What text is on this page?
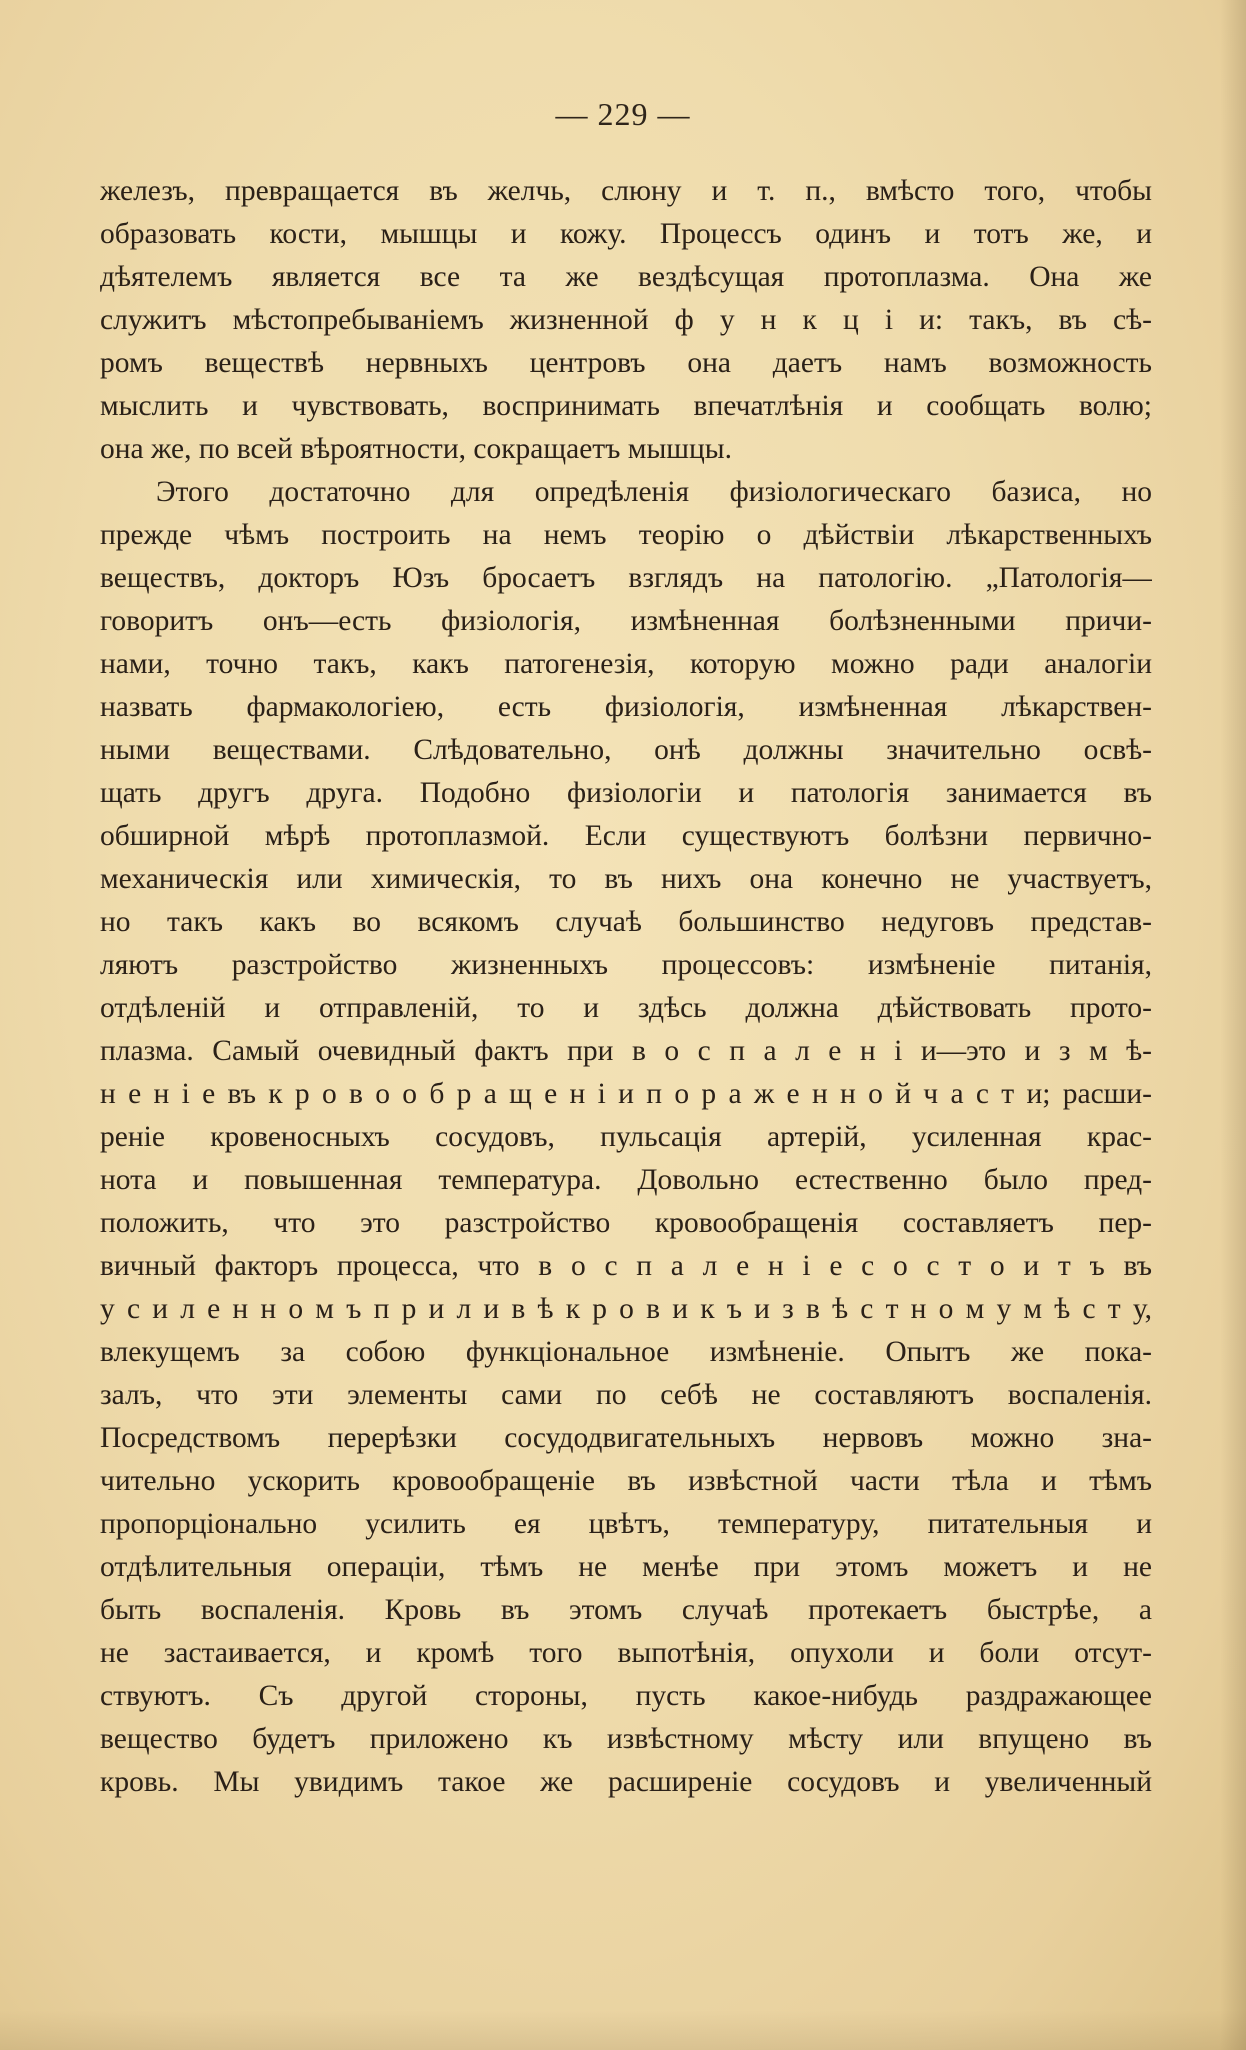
— 229 —
железъ, превращается въ желчь, слюну и т. п., вмѣсто того, чтобы
образовать кости, мышцы и кожу. Процессъ одинъ и тотъ же, и
дѣятелемъ является все та же вездѣсущая протоплазма. Она же
служитъ мѣстопребываніемъ жизненной ф у н к ц і и: такъ, въ сѣ-
ромъ веществѣ нервныхъ центровъ она даетъ намъ возможность
мыслить и чувствовать, воспринимать впечатлѣнія и сообщать волю;
она же, по всей вѣроятности, сокращаетъ мышцы.
Этого достаточно для опредѣленія физіологическаго базиса, но
прежде чѣмъ построить на немъ теорію о дѣйствіи лѣкарственныхъ
веществъ, докторъ Юзъ бросаетъ взглядъ на патологію. „Патологія—
говоритъ онъ—есть физіологія, измѣненная болѣзненными причи-
нами, точно такъ, какъ патогенезія, которую можно ради аналогіи
назвать фармакологіею, есть физіологія, измѣненная лѣкарствен-
ными веществами. Слѣдовательно, онѣ должны значительно освѣ-
щать другъ друга. Подобно физіологіи и патологія занимается въ
обширной мѣрѣ протоплазмой. Если существуютъ болѣзни первично-
механическія или химическія, то въ нихъ она конечно не участвуетъ,
но такъ какъ во всякомъ случаѣ большинство недуговъ представ-
ляютъ разстройство жизненныхъ процессовъ: измѣненіе питанія,
отдѣленій и отправленій, то и здѣсь должна дѣйствовать прото-
плазма. Самый очевидный фактъ при в о с п а л е н і и—это и з м ѣ-
н е н і е въ к р о в о о б р а щ е н і и п о р а ж е н н о й ч а с т и; расши-
реніе кровеносныхъ сосудовъ, пульсація артерій, усиленная крас-
нота и повышенная температура. Довольно естественно было пред-
положить, что это разстройство кровообращенія составляетъ пер-
вичный факторъ процесса, что в о с п а л е н і е с о с т о и т ъ въ
у с и л е н н о м ъ п р и л и в ѣ к р о в и к ъ и з в ѣ с т н о м у м ѣ с т у,
влекущемъ за собою функціональное измѣненіе. Опытъ же пока-
залъ, что эти элементы сами по себѣ не составляютъ воспаленія.
Посредствомъ перерѣзки сосудодвигательныхъ нервовъ можно зна-
чительно ускорить кровообращеніе въ извѣстной части тѣла и тѣмъ
пропорціонально усилить ея цвѣтъ, температуру, питательныя и
отдѣлительныя операціи, тѣмъ не менѣе при этомъ можетъ и не
быть воспаленія. Кровь въ этомъ случаѣ протекаетъ быстрѣе, а
не застаивается, и кромѣ того выпотѣнія, опухоли и боли отсут-
ствуютъ. Съ другой стороны, пусть какое-нибудь раздражающее
вещество будетъ приложено къ извѣстному мѣсту или впущено въ
кровь. Мы увидимъ такое же расширеніе сосудовъ и увеличенный
